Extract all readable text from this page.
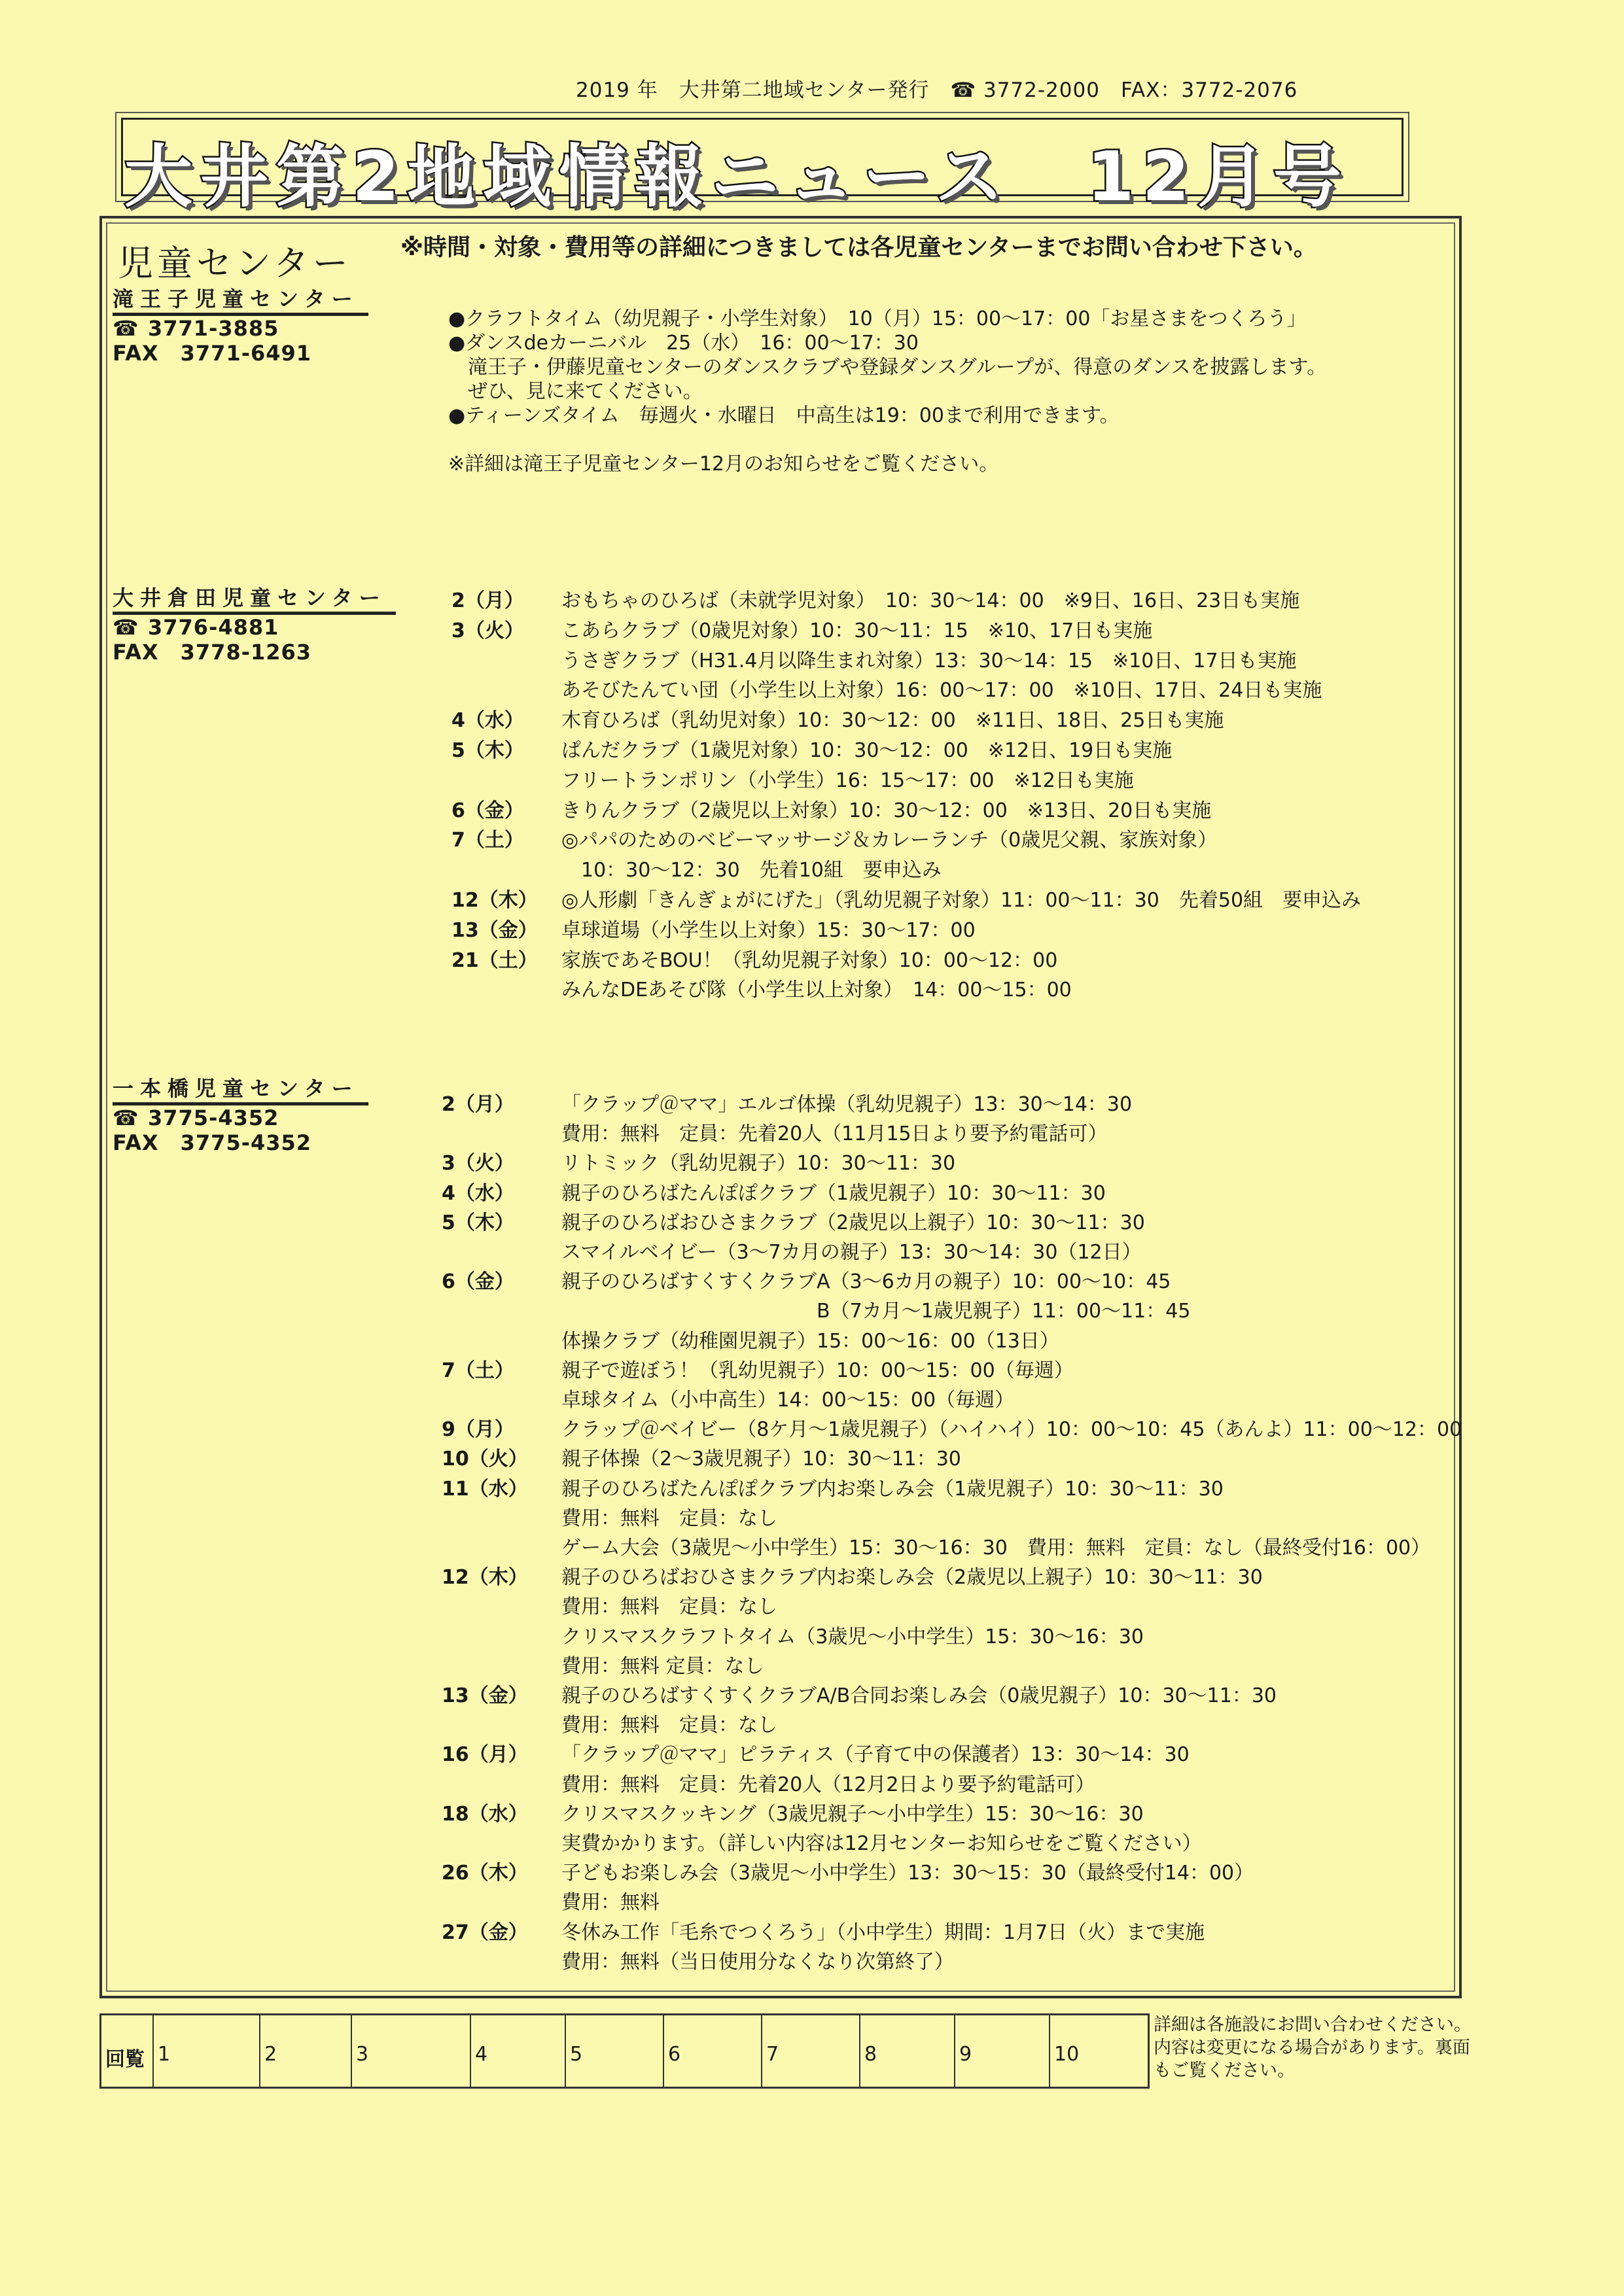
2019 年　大井第二地域センター発行　☎ 3772-2000　FAX：3772-2076
大井第2地域情報ニュース　12月号
児童センター ※時間・対象・費用等の詳細につきましては各児童センターまでお問い合わせ下さい。
滝王子児童センター
☎ 3771-3885
FAX　 3771-6491
大井倉田児童センター
☎ 3776-4881
FAX　 3778-1263
一本橋児童センター
☎ 3775-4352
FAX　 3775-4352
●クラフトタイム（幼児親子・小学生対象）　10（月）15：00～17：00「お星さまをつくろう」
●ダンスdeカーニバル　25（水）　16：00～17：30
　滝王子・伊藤児童センターのダンスクラブや登録ダンスグループが、得意のダンスを披露します。
　ぜひ、見に来てください。
●ティーンズタイム　毎週火・水曜日　中高生は19：00まで利用できます。
※詳細は滝王子児童センター12月のお知らせをご覧ください。
2（月） おもちゃのひろば（未就学児対象）　10：30～14：00　※9日、16日、23日も実施
3（火） こあらクラブ（0歳児対象）10：30～11：15　※10、17日も実施
うさぎクラブ（H31.4月以降生まれ対象）13：30～14：15　※10日、17日も実施
あそびたんてい団（小学生以上対象）16：00～17：00　※10日、17日、24日も実施
4（水） 木育ひろば（乳幼児対象）10：30～12：00　※11日、18日、25日も実施
5（木） ぱんだクラブ（1歳児対象）10：30～12：00　※12日、19日も実施
フリートランポリン（小学生）16：15～17：00　※12日も実施
6（金） きりんクラブ（2歳児以上対象）10：30～12：00　※13日、20日も実施
7（土） ◎パパのためのベビーマッサージ＆カレーランチ（0歳児父親、家族対象）
　10：30～12：30　先着10組　要申込み
12（木） ◎人形劇「きんぎょがにげた」（乳幼児親子対象）11：00～11：30　先着50組　要申込み
13（金） 卓球道場（小学生以上対象）15：30～17：00
21（土） 家族であそBOU！（乳幼児親子対象）10：00～12：00
みんなDEあそび隊（小学生以上対象）　14：00～15：00
2（月） 「クラップ＠ママ」エルゴ体操（乳幼児親子）13：30～14：30
費用：無料　定員：先着20人（11月15日より要予約電話可）
3（火） リトミック（乳幼児親子）10：30～11：30
4（水） 親子のひろばたんぽぽクラブ（1歳児親子）10：30～11：30
5（木） 親子のひろばおひさまクラブ（2歳児以上親子）10：30～11：30
スマイルベイビー（3～7カ月の親子）13：30～14：30（12日）
6（金） 親子のひろばすくすくクラブA（3～6カ月の親子）10：00～10：45
　　　　　　　　　　　　　B（7カ月～1歳児親子）11：00～11：45
体操クラブ（幼稚園児親子）15：00～16：00（13日）
7（土） 親子で遊ぼう！（乳幼児親子）10：00～15：00（毎週）
卓球タイム（小中高生）14：00～15：00（毎週）
9（月） クラップ＠ベイビー（8ケ月～1歳児親子）（ハイハイ）10：00～10：45（あんよ）11：00～12：00
10（火） 親子体操（2～3歳児親子）10：30～11：30
11（水） 親子のひろばたんぽぽクラブ内お楽しみ会（1歳児親子）10：30～11：30
費用：無料　定員：なし
ゲーム大会（3歳児～小中学生）15：30～16：30　費用：無料　定員：なし（最終受付16：00）
12（木） 親子のひろばおひさまクラブ内お楽しみ会（2歳児以上親子）10：30～11：30
費用：無料　定員：なし
クリスマスクラフトタイム（3歳児～小中学生）15：30～16：30
費用：無料 定員：なし
13（金） 親子のひろばすくすくクラブA/B合同お楽しみ会（0歳児親子）10：30～11：30
費用：無料　定員：なし
16（月） 「クラップ＠ママ」ピラティス（子育て中の保護者）13：30～14：30
費用：無料　定員：先着20人（12月2日より要予約電話可）
18（水） クリスマスクッキング（3歳児親子～小中学生）15：30～16：30
実費かかります。（詳しい内容は12月センターお知らせをご覧ください）
26（木） 子どもお楽しみ会（3歳児～小中学生）13：30～15：30（最終受付14：00）
費用：無料
27（金） 冬休み工作「毛糸でつくろう」（小中学生）期間：1月7日（火）まで実施
費用：無料（当日使用分なくなり次第終了）
回覧 1	2	3	4	5	6	7	8	9	10
詳細は各施設にお問い合わせください。内容は変更になる場合があります。裏面もご覧ください。
